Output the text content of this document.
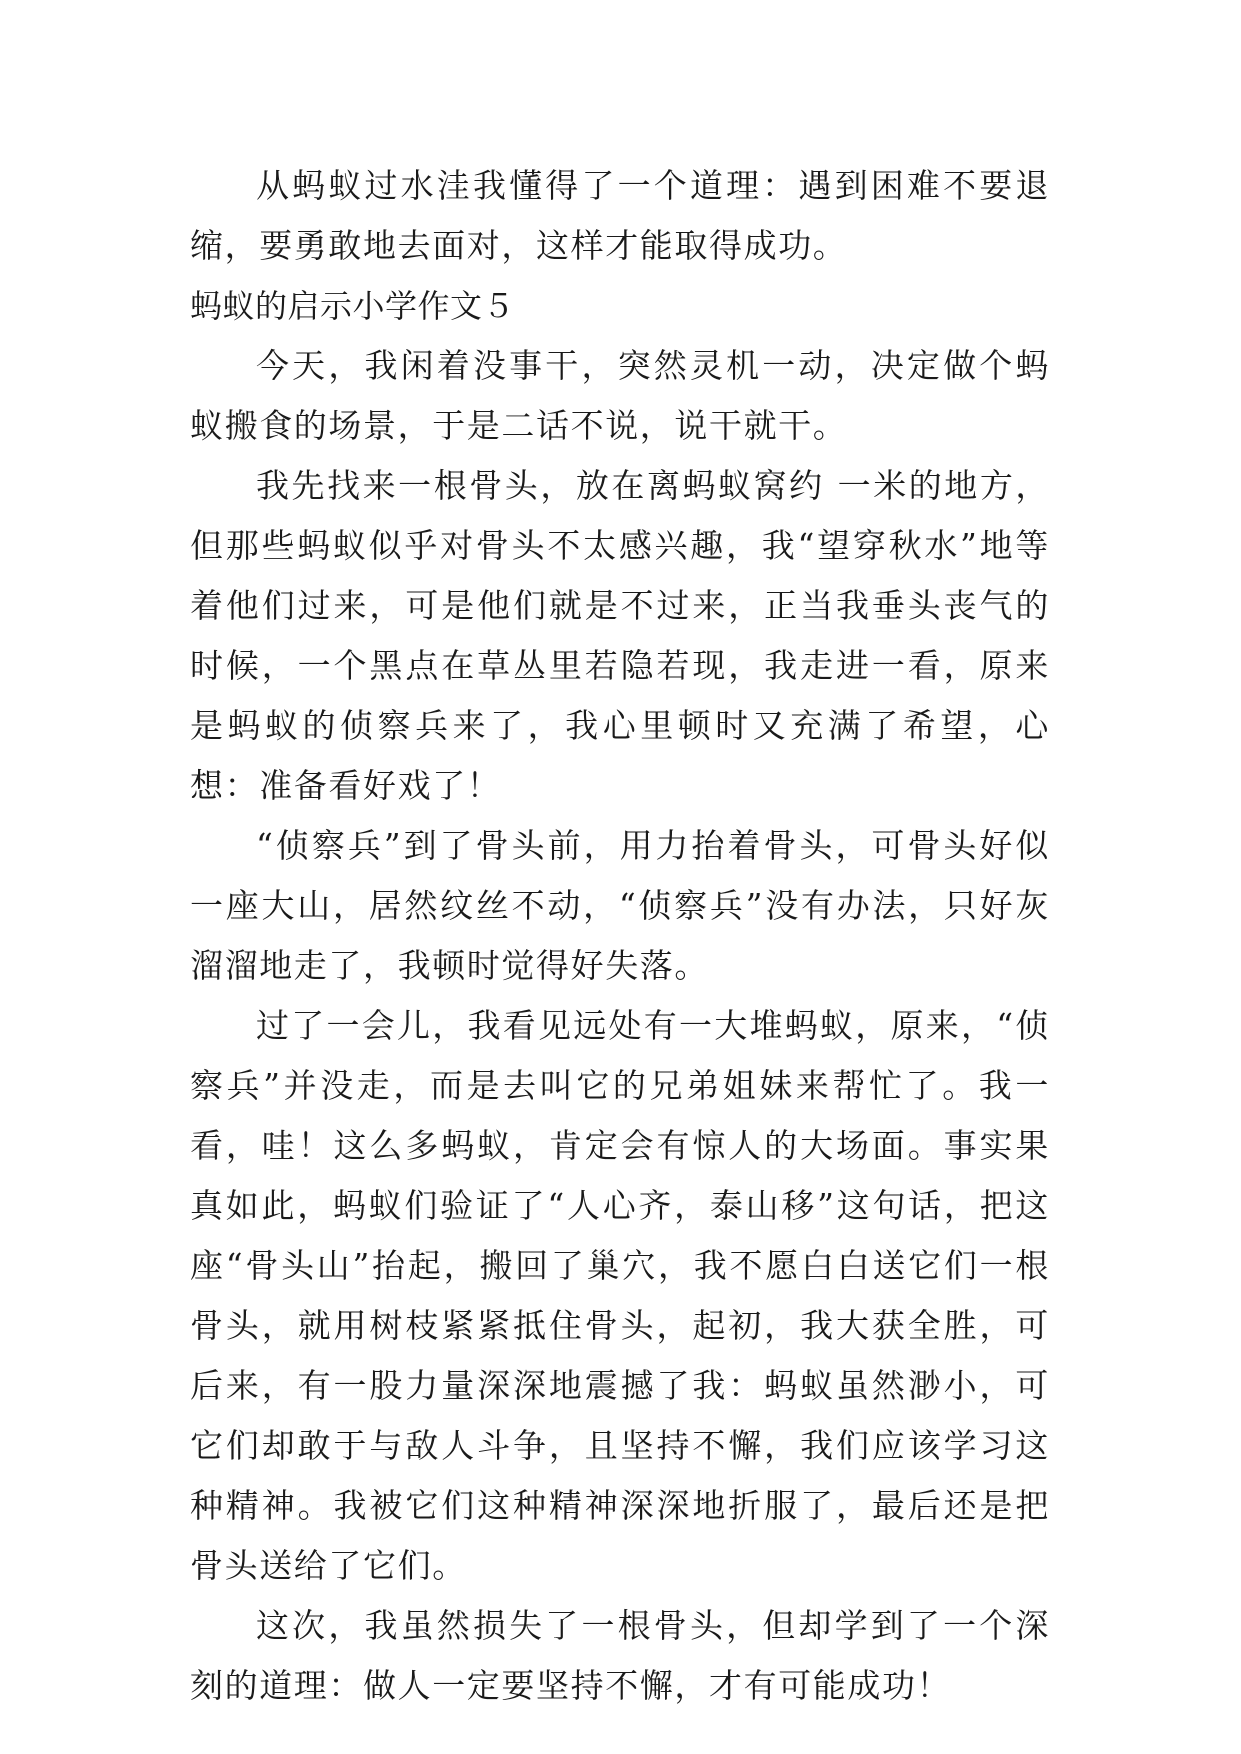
从蚂蚁过水洼我懂得了一个道理：遇到困难不要退缩，要勇敢地去面对，这样才能取得成功。

蚂蚁的启示小学作文５

今天，我闲着没事干，突然灵机一动，决定做个蚂蚁搬食的场景，于是二话不说，说干就干。

我先找来一根骨头，放在离蚂蚁窝约 一米的地方，但那些蚂蚁似乎对骨头不太感兴趣，我“望穿秋水”地等着他们过来，可是他们就是不过来，正当我垂头丧气的时候，一个黑点在草丛里若隐若现，我走进一看，原来是蚂蚁的侦察兵来了，我心里顿时又充满了希望，心想：准备看好戏了！

“侦察兵”到了骨头前，用力抬着骨头，可骨头好似一座大山，居然纹丝不动，“侦察兵”没有办法，只好灰溜溜地走了，我顿时觉得好失落。

过了一会儿，我看见远处有一大堆蚂蚁，原来，“侦察兵”并没走，而是去叫它的兄弟姐妹来帮忙了。我一看，哇！这么多蚂蚁，肯定会有惊人的大场面。事实果真如此，蚂蚁们验证了“人心齐，泰山移”这句话，把这座“骨头山”抬起，搬回了巢穴，我不愿白白送它们一根骨头，就用树枝紧紧抵住骨头，起初，我大获全胜，可后来，有一股力量深深地震撼了我：蚂蚁虽然渺小，可它们却敢于与敌人斗争，且坚持不懈，我们应该学习这种精神。我被它们这种精神深深地折服了，最后还是把骨头送给了它们。

这次，我虽然损失了一根骨头，但却学到了一个深刻的道理：做人一定要坚持不懈，才有可能成功！
